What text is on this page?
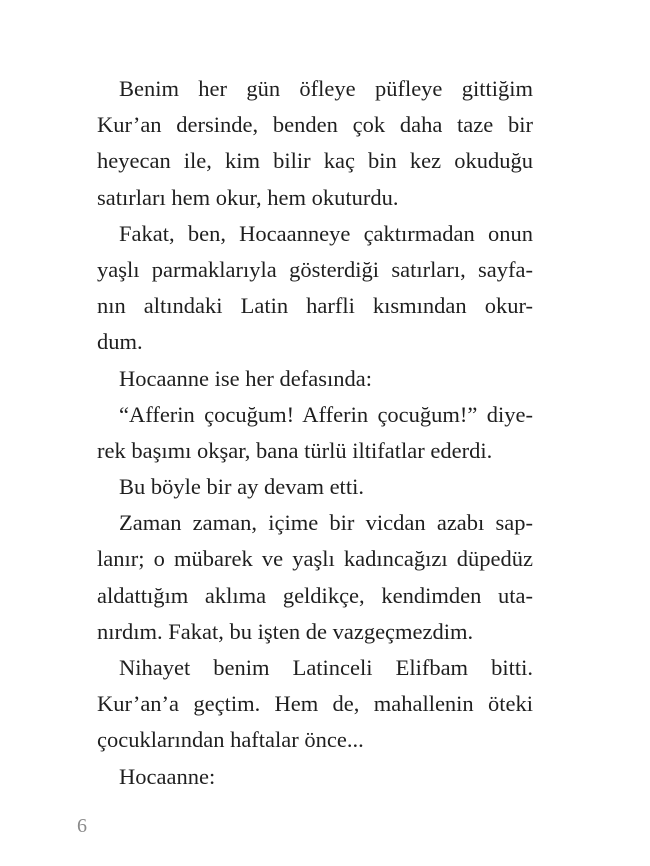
Benim her gün öfleye püfleye gittiğim
Kur’an dersinde, benden çok daha taze bir
heyecan ile, kim bilir kaç bin kez okuduğu
satırları hem okur, hem okuturdu.
Fakat, ben, Hocaanneye çaktırmadan onun
yaşlı parmaklarıyla gösterdiği satırları, sayfa-
nın altındaki Latin harfli kısmından okur-
dum.
Hocaanne ise her defasında:
“Afferin çocuğum! Afferin çocuğum!” diye-
rek başımı okşar, bana türlü iltifatlar ederdi.
Bu böyle bir ay devam etti.
Zaman zaman, içime bir vicdan azabı sap-
lanır; o mübarek ve yaşlı kadıncağızı düpedüz
aldattığım aklıma geldikçe, kendimden uta-
nırdım. Fakat, bu işten de vazgeçmezdim.
Nihayet benim Latinceli Elifbam bitti.
Kur’an’a geçtim. Hem de, mahallenin öteki
çocuklarından haftalar önce...
Hocaanne:
6
